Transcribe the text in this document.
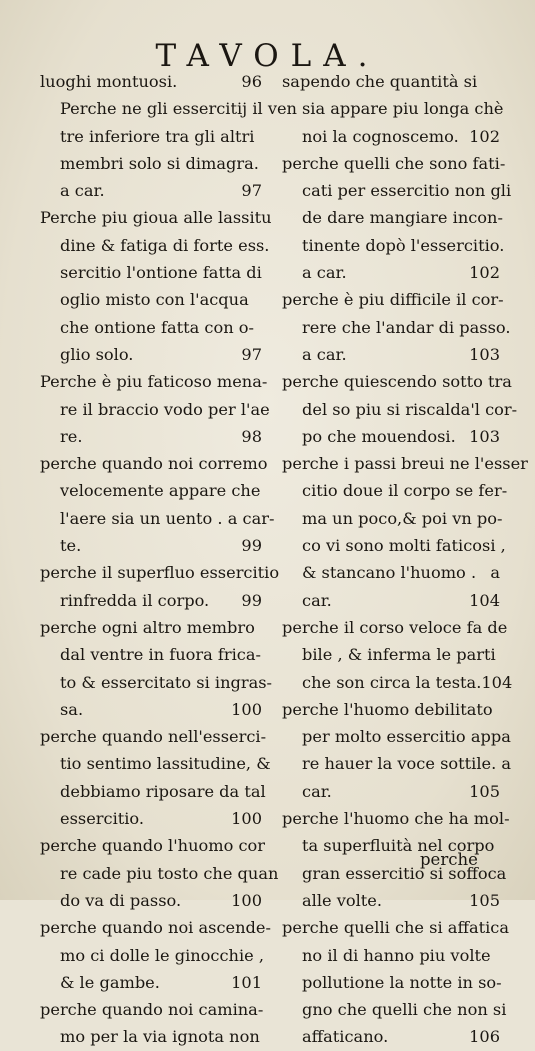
TAVOLA.
luoghi montuosi.	96
Perche ne gli essercitij il ven
tre inferiore tra gli altri
membri solo si dimagra.
a car.	97
Perche piu gioua alle lassitu
dine & fatiga di forte ess.
sercitio l'ontione fatta di
oglio misto con l'acqua
che ontione fatta con o-
glio solo.	97
Perche è piu faticoso mena-
re il braccio vodo per l'ae
re.	98
perche quando noi corremo
velocemente appare che
l'aere sia un uento . a car-
te.	99
perche il superfluo essercitio
rinfredda il corpo. 99
perche ogni altro membro
dal ventre in fuora frica-
to & essercitato si ingras-
sa.	100
perche quando nell'esserci-
tio sentimo lassitudine, &
debbiamo riposare da tal
essercitio.	100
perche quando l'huomo cor
re cade piu tosto che quan
do va di passo.	100
perche quando noi ascende-
mo ci dolle le ginocchie ,
& le gambe.	101
perche quando noi camina-
mo per la via ignota non
sapendo che quantità si
sia appare piu longa chè
noi la cognoscemo. 102
perche quelli che sono fati-
cati per essercitio non gli
de dare mangiare incon-
tinente dopò l'essercitio.
a car.	102
perche è piu difficile il cor-
rere che l'andar di passo.
a car.	103
perche quiescendo sotto tra
del so piu si riscalda'l cor-
po che mouendosi. 103
perche i passi breui ne l'esser
citio doue il corpo se fer-
ma un poco,& poi vn po-
co vi sono molti faticosi ,
& stancano l'huomo . a
car.	104
perche il corso veloce fa de
bile , & inferma le parti
che son circa la testa. 104
perche l'huomo debilitato
per molto essercitio appa
re hauer la voce sottile. a
car.	105
perche l'huomo che ha mol-
ta superfluità nel corpo
gran essercitio si soffoca
alle volte.	105
perche quelli che si affatica
no il di hanno piu volte
pollutione la notte in so-
gno che quelli che non si
affaticano.	106
perche
